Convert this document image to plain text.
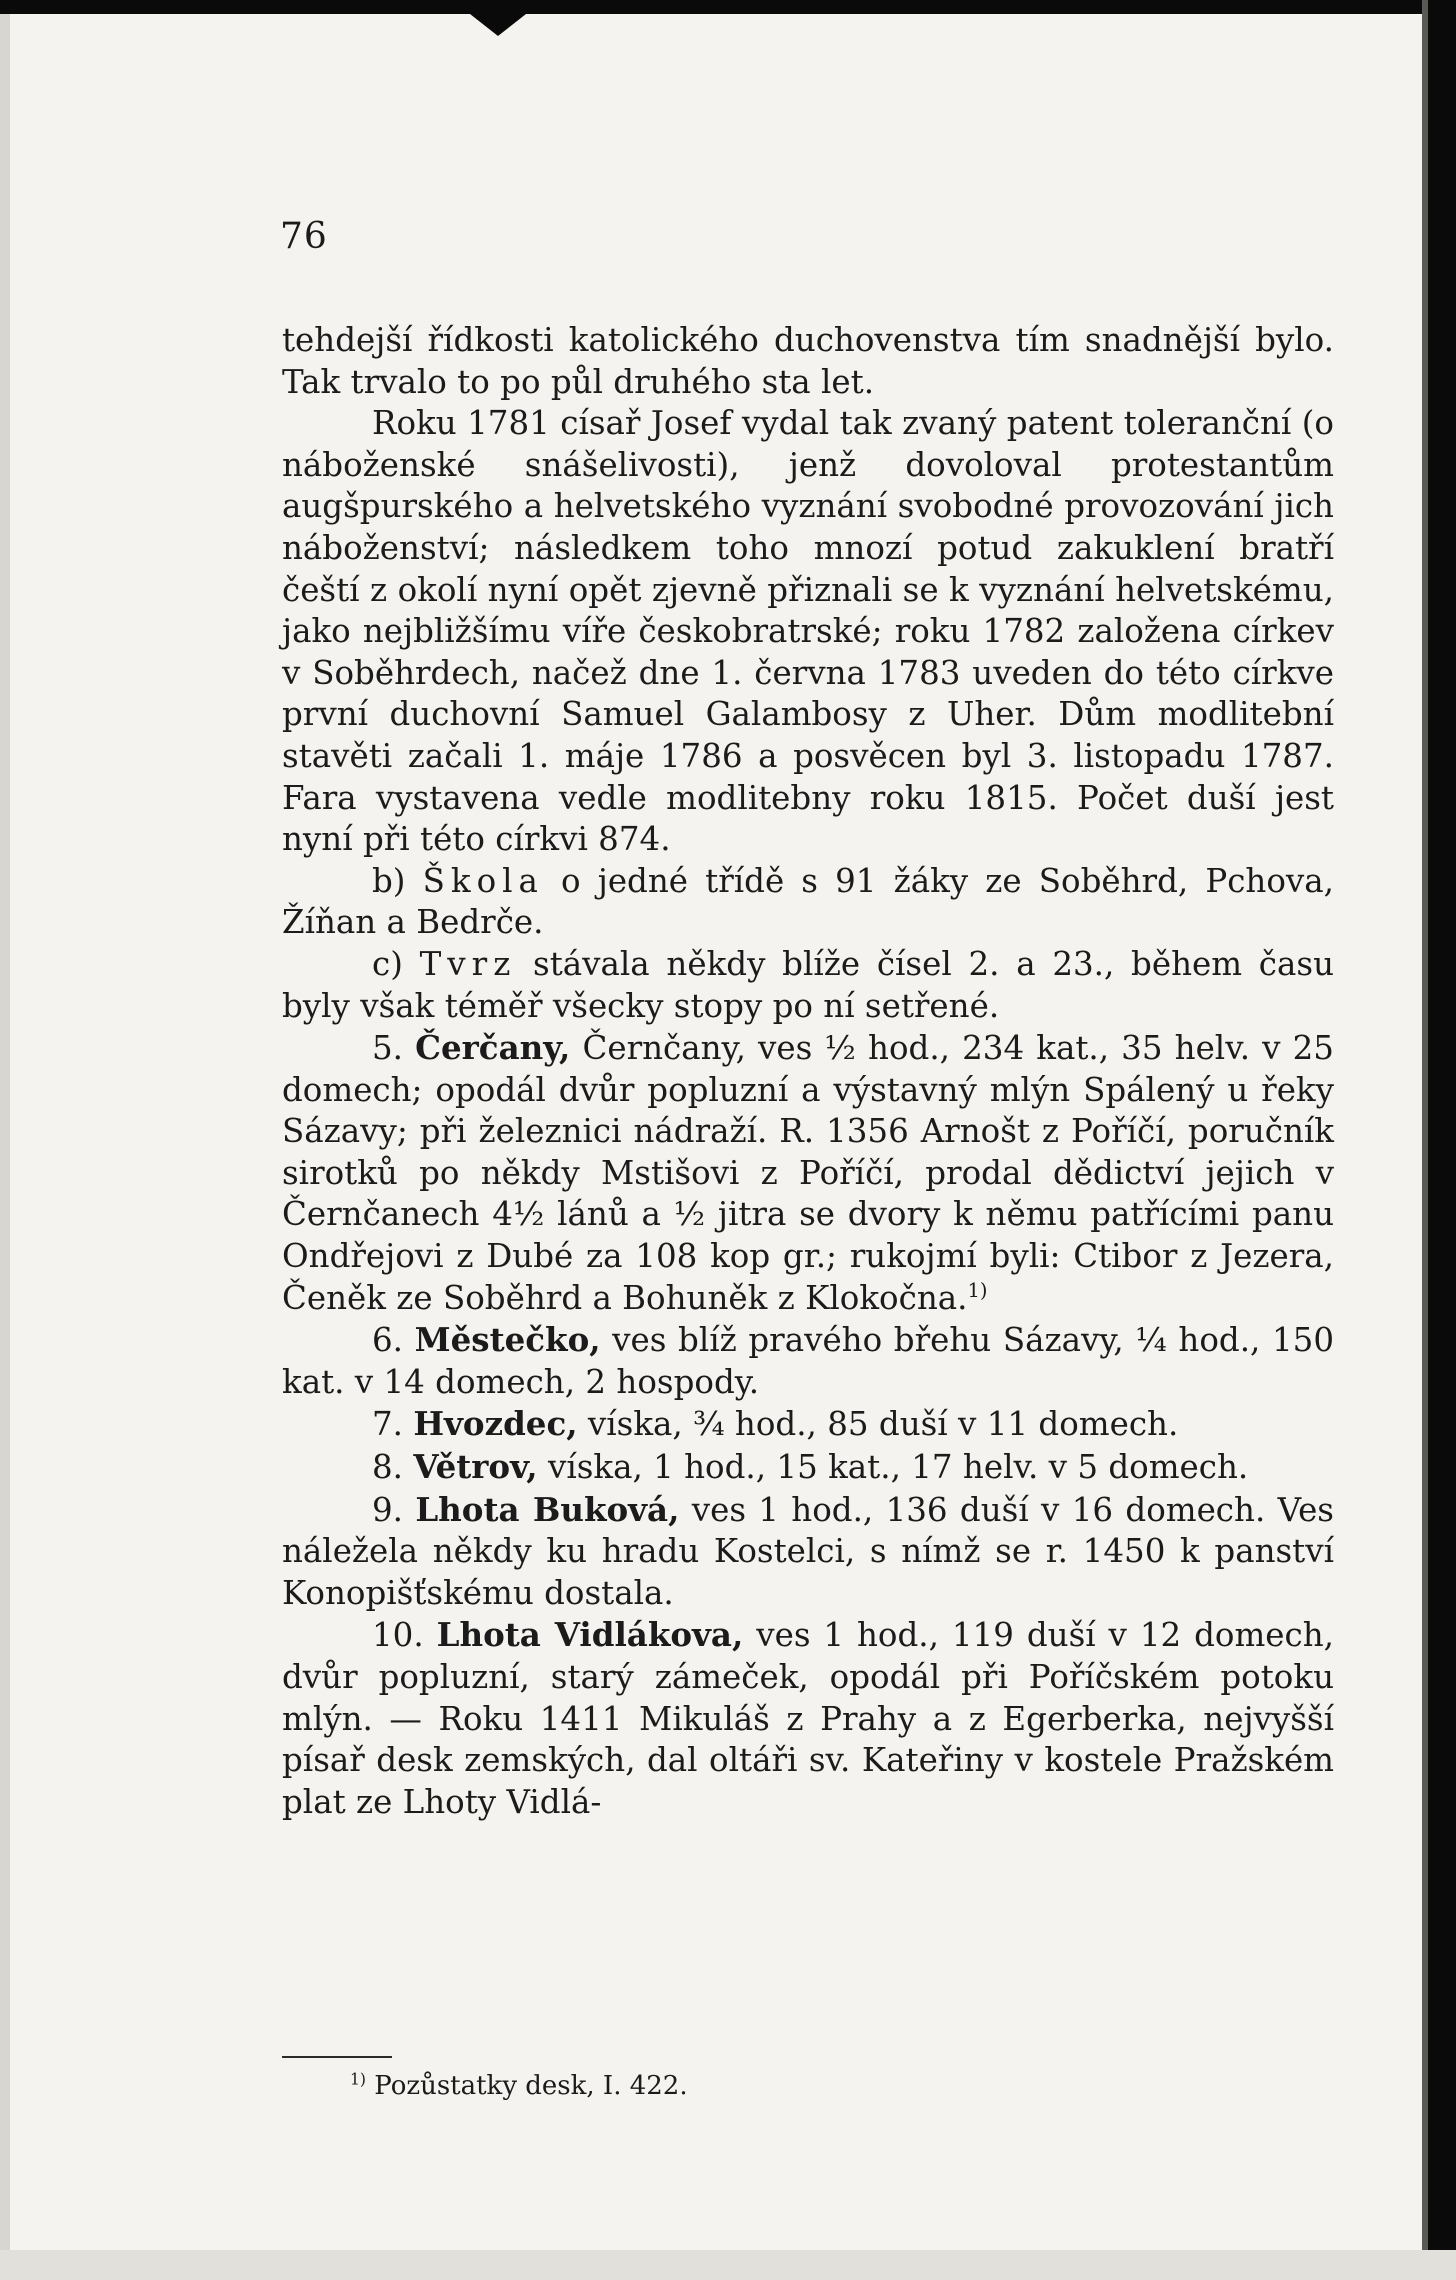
76

tehdejší řídkosti katolického duchovenstva tím snadnější bylo. Tak trvalo to po půl druhého sta let.

Roku 1781 císař Josef vydal tak zvaný patent toleranční (o náboženské snášelivosti), jenž dovoloval protestantům augšpurského a helvetského vyznání svobodné provozování jich náboženství; následkem toho mnozí potud zakuklení bratří čeští z okolí nyní opět zjevně přiznali se k vyznání helvetskému, jako nejbližšímu víře českobratrské; roku 1782 založena církev v Soběhrdech, načež dne 1. června 1783 uveden do této církve první duchovní Samuel Galambosy z Uher. Dům modlitební stavěti začali 1. máje 1786 a posvěcen byl 3. listopadu 1787. Fara vystavena vedle modlitebny roku 1815. Počet duší jest nyní při této církvi 874.

b) Škola o jedné třídě s 91 žáky ze Soběhrd, Pchova, Žíňan a Bedrče.

c) Tvrz stávala někdy blíže čísel 2. a 23., během času byly však téměř všecky stopy po ní setřené.

5. Čerčany, Černčany, ves ½ hod., 234 kat., 35 helv. v 25 domech; opodál dvůr popluzní a výstavný mlýn Spálený u řeky Sázavy; při železnici nádraží. R. 1356 Arnošt z Poříčí, poručník sirotků po někdy Mstišovi z Poříčí, prodal dědictví jejich v Černčanech 4½ lánů a ½ jitra se dvory k němu patřícími panu Ondřejovi z Dubé za 108 kop gr.; rukojmí byli: Ctibor z Jezera, Čeněk ze Soběhrd a Bohuněk z Klokočna.$^{1)}$

6. Městečko, ves blíž pravého břehu Sázavy, ¼ hod., 150 kat. v 14 domech, 2 hospody.

7. Hvozdec, víska, ¾ hod., 85 duší v 11 domech.

8. Větrov, víska, 1 hod., 15 kat., 17 helv. v 5 domech.

9. Lhota Buková, ves 1 hod., 136 duší v 16 domech. Ves náležela někdy ku hradu Kostelci, s nímž se r. 1450 k panství Konopišťskému dostala.

10. Lhota Vidlákova, ves 1 hod., 119 duší v 12 domech, dvůr popluzní, starý zámeček, opodál při Poříčském potoku mlýn. — Roku 1411 Mikuláš z Prahy a z Egerberka, nejvyšší písař desk zemských, dal oltáři sv. Kateřiny v kostele Pražském plat ze Lhoty Vidlá-

$^{1)}$ Pozůstatky desk, I. 422.
